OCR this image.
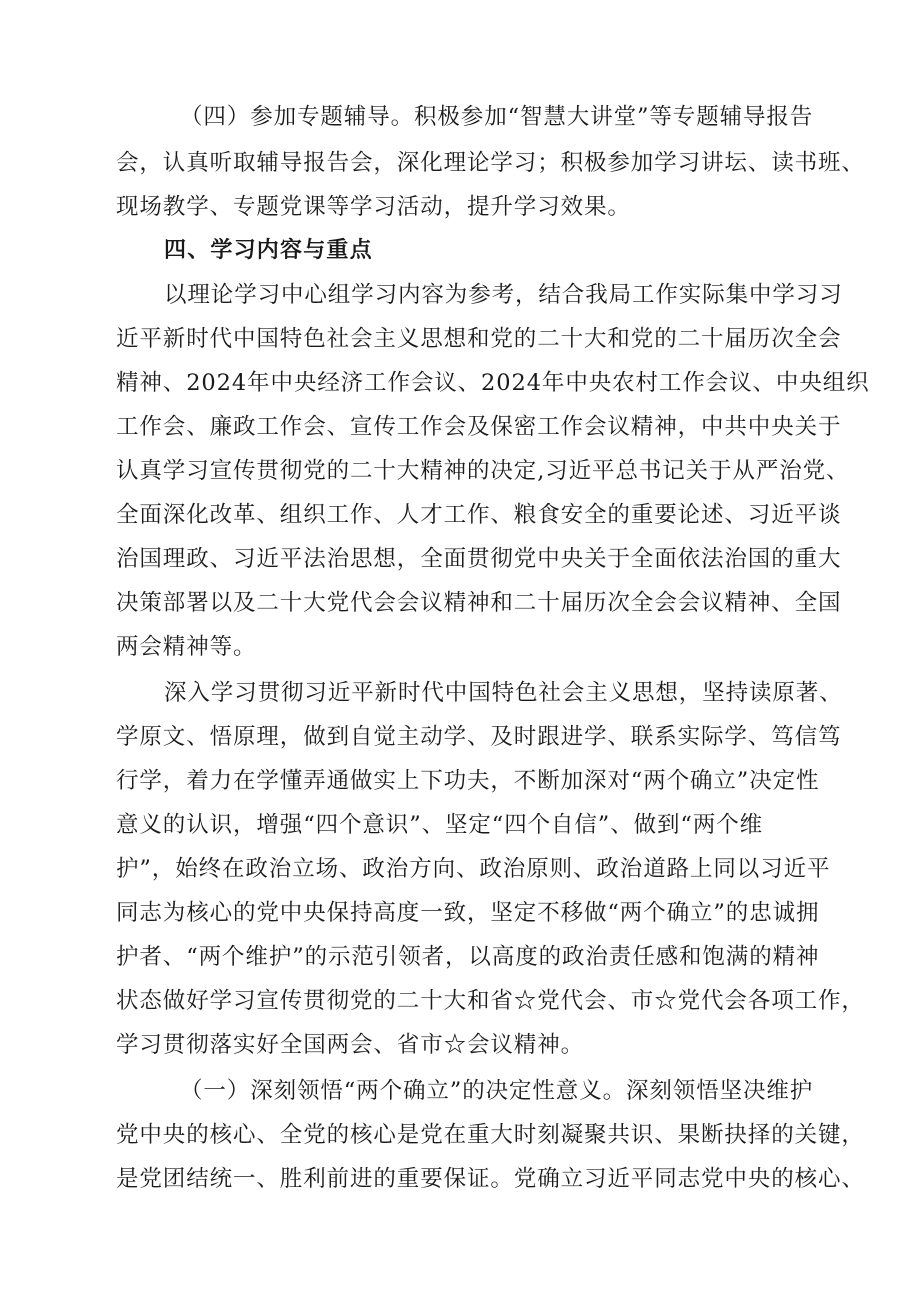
（四）参加专题辅导。积极参加“智慧大讲堂”等专题辅导报告
会，认真听取辅导报告会，深化理论学习；积极参加学习讲坛、读书班、
现场教学、专题党课等学习活动，提升学习效果。
四、学习内容与重点
以理论学习中心组学习内容为参考，结合我局工作实际集中学习习
近平新时代中国特色社会主义思想和党的二十大和党的二十届历次全会
精神、2024年中央经济工作会议、2024年中央农村工作会议、中央组织
工作会、廉政工作会、宣传工作会及保密工作会议精神，中共中央关于
认真学习宣传贯彻党的二十大精神的决定,习近平总书记关于从严治党、
全面深化改革、组织工作、人才工作、粮食安全的重要论述、习近平谈
治国理政、习近平法治思想，全面贯彻党中央关于全面依法治国的重大
决策部署以及二十大党代会会议精神和二十届历次全会会议精神、全国
两会精神等。
深入学习贯彻习近平新时代中国特色社会主义思想，坚持读原著、
学原文、悟原理，做到自觉主动学、及时跟进学、联系实际学、笃信笃
行学，着力在学懂弄通做实上下功夫，不断加深对“两个确立”决定性
意义的认识，增强“四个意识”、坚定“四个自信”、做到“两个维
护”，始终在政治立场、政治方向、政治原则、政治道路上同以习近平
同志为核心的党中央保持高度一致，坚定不移做“两个确立”的忠诚拥
护者、“两个维护”的示范引领者，以高度的政治责任感和饱满的精神
状态做好学习宣传贯彻党的二十大和省☆党代会、市☆党代会各项工作，
学习贯彻落实好全国两会、省市☆会议精神。
（一）深刻领悟“两个确立”的决定性意义。深刻领悟坚决维护
党中央的核心、全党的核心是党在重大时刻凝聚共识、果断抉择的关键，
是党团结统一、胜利前进的重要保证。党确立习近平同志党中央的核心、
